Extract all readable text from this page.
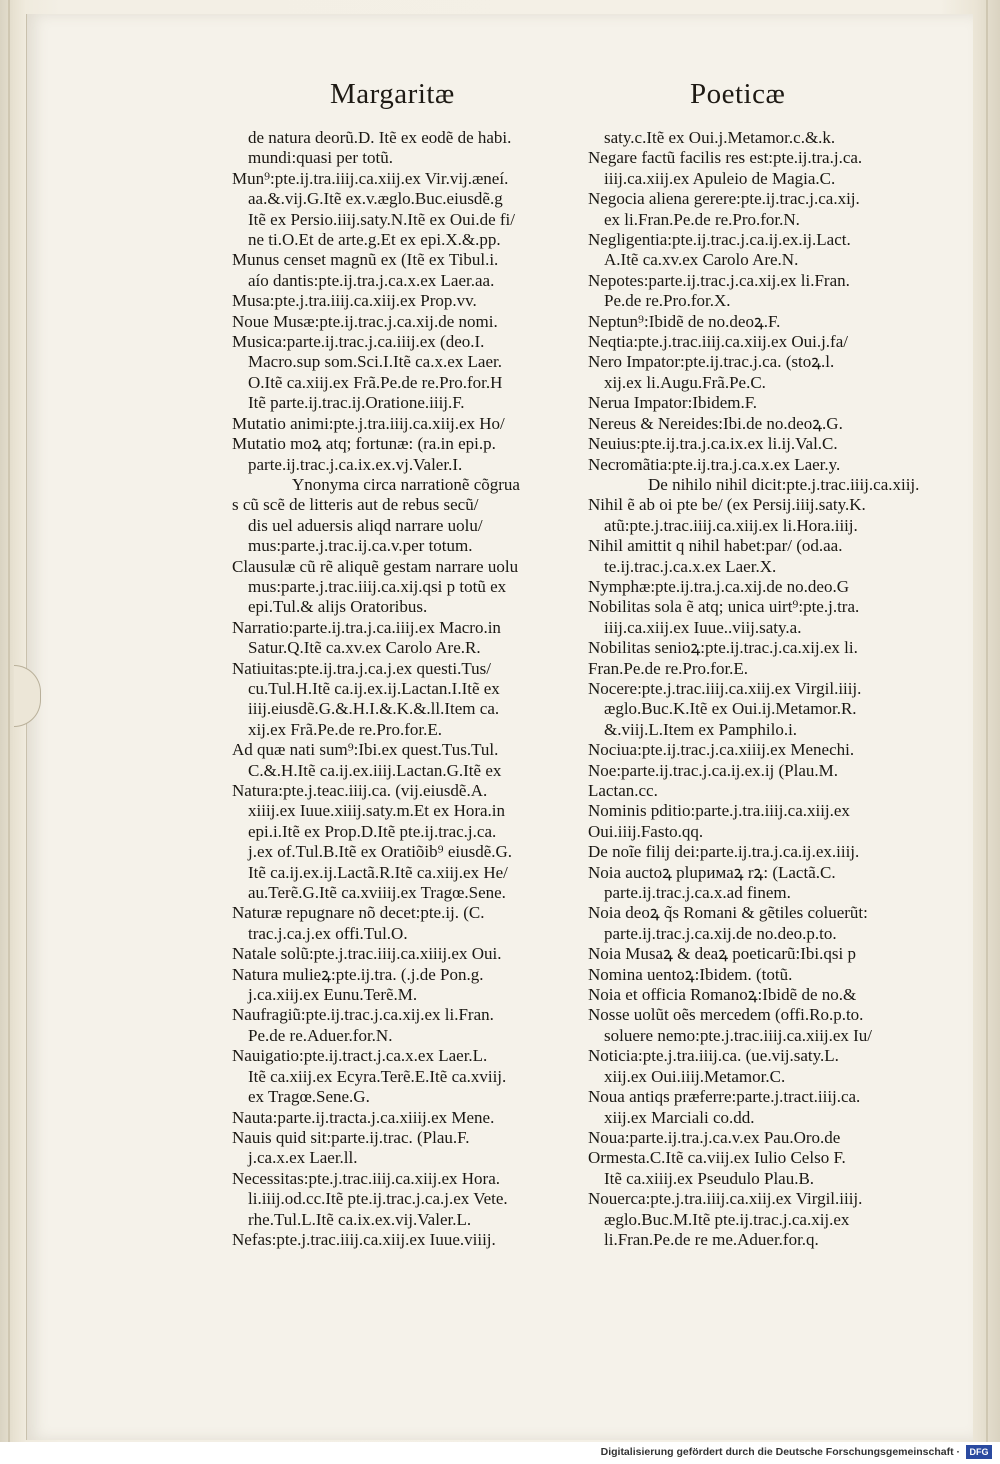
Margaritæ	Poeticæ
de natura deorũ.D. Itẽ ex eodẽ de habi.
mundi:quasi per totũ.
Mun⁹:pte.ĳ.tra.iiĳ.ca.xiĳ.ex Vir.vĳ.æneí.
aa.&.vĳ.G.Itẽ ex.v.æglo.Buc.eiusdẽ.g
Itẽ ex Persio.iiĳ.saty.N.Itẽ ex Oui.de fi/
ne ti.O.Et de arte.g.Et ex epi.X.&.pp.
Munus censet magnũ ex (Itẽ ex Tibul.i.
aío dantis:pte.ĳ.tra.j.ca.x.ex Laer.aa.
Musa:pte.j.tra.iiĳ.ca.xiĳ.ex Prop.vv.
Noue Musæ:pte.ĳ.trac.j.ca.xĳ.de nomi.
Musica:parte.ĳ.trac.j.ca.iiĳ.ex (deo.I.
Macro.sup som.Sci.I.Itẽ ca.x.ex Laer.
O.Itẽ ca.xiĳ.ex Frã.Pe.de re.Pro.for.H
Itẽ parte.ĳ.trac.ĳ.Oratione.iiĳ.F.
Mutatio animi:pte.j.tra.iiĳ.ca.xiĳ.ex Ho/
Mutatio moꝝ atq; fortunæ: (ra.in epi.p.
parte.ĳ.trac.j.ca.ix.ex.vj.Valer.I.
Ynonyma circa narrationẽ cõgrua
s cũ scẽ de litteris aut de rebus secũ/
dis uel aduersis aliqd narrare uolu/
mus:parte.j.trac.ĳ.ca.v.per totum.
Clausulæ cũ rẽ aliquẽ gestam narrare uolu
mus:parte.j.trac.iiĳ.ca.xĳ.qsi p totũ ex
epi.Tul.& alĳs Oratoribus.
Narratio:parte.ĳ.tra.j.ca.iiĳ.ex Macro.in
Satur.Q.Itẽ ca.xv.ex Carolo Are.R.
Natiuitas:pte.ĳ.tra.j.ca.j.ex questi.Tus/
cu.Tul.H.Itẽ ca.ĳ.ex.ĳ.Lactan.I.Itẽ ex
iiĳ.eiusdẽ.G.&.H.I.&.K.&.ll.Item ca.
xĳ.ex Frã.Pe.de re.Pro.for.E.
Ad quæ nati sum⁹:Ibi.ex quest.Tus.Tul.
C.&.H.Itẽ ca.ĳ.ex.iiĳ.Lactan.G.Itẽ ex
Natura:pte.j.teac.iiĳ.ca. (vĳ.eiusdẽ.A.
xiiĳ.ex Iuue.xiiĳ.saty.m.Et ex Hora.in
epi.i.Itẽ ex Prop.D.Itẽ pte.ĳ.trac.j.ca.
j.ex of.Tul.B.Itẽ ex Oratiõib⁹ eiusdẽ.G.
Itẽ ca.ĳ.ex.ĳ.Lactã.R.Itẽ ca.xiĳ.ex He/
au.Terẽ.G.Itẽ ca.xviiĳ.ex Tragœ.Sene.
Naturæ repugnare nõ decet:pte.ĳ. (C.
trac.j.ca.j.ex offi.Tul.O.
Natale solũ:pte.j.trac.iiĳ.ca.xiiĳ.ex Oui.
Natura mulieꝝ:pte.ĳ.tra. (.j.de Pon.g.
j.ca.xiĳ.ex Eunu.Terẽ.M.
Naufragiũ:pte.ĳ.trac.j.ca.xĳ.ex li.Fran.
Pe.de re.Aduer.for.N.
Nauigatio:pte.ĳ.tract.j.ca.x.ex Laer.L.
Itẽ ca.xiĳ.ex Ecyra.Terẽ.E.Itẽ ca.xviĳ.
ex Tragœ.Sene.G.
Nauta:parte.ĳ.tracta.j.ca.xiiĳ.ex Mene.
Nauis quid sit:parte.ĳ.trac. (Plau.F.
j.ca.x.ex Laer.ll.
Necessitas:pte.j.trac.iiĳ.ca.xiĳ.ex Hora.
li.iiĳ.od.cc.Itẽ pte.ĳ.trac.j.ca.j.ex Vete.
rhe.Tul.L.Itẽ ca.ix.ex.vĳ.Valer.L.
Nefas:pte.j.trac.iiĳ.ca.xiĳ.ex Iuue.viiĳ.
saty.c.Itẽ ex Oui.j.Metamor.c.&.k.
Negare factũ facilis res est:pte.ĳ.tra.j.ca.
iiĳ.ca.xiĳ.ex Apuleio de Magia.C.
Negocia aliena gerere:pte.ĳ.trac.j.ca.xĳ.
ex li.Fran.Pe.de re.Pro.for.N.
Negligentia:pte.ĳ.trac.j.ca.ĳ.ex.ĳ.Lact.
A.Itẽ ca.xv.ex Carolo Are.N.
Nepotes:parte.ĳ.trac.j.ca.xĳ.ex li.Fran.
Pe.de re.Pro.for.X.
Neptun⁹:Ibidẽ de no.deoꝝ.F.
Neqtia:pte.j.trac.iiĳ.ca.xiĳ.ex Oui.j.fa/
Nero Impator:pte.ĳ.trac.j.ca. (stoꝝ.l.
xĳ.ex li.Augu.Frã.Pe.C.
Nerua Impator:Ibidem.F.
Nereus & Nereides:Ibi.de no.deoꝝ.G.
Neuius:pte.ĳ.tra.j.ca.ix.ex li.ĳ.Val.C.
Necromãtia:pte.ĳ.tra.j.ca.x.ex Laer.y.
De nihilo nihil dicit:pte.j.trac.iiĳ.ca.xiĳ.
Nihil ẽ ab oi pte be/ (ex Persĳ.iiĳ.saty.K.
atũ:pte.j.trac.iiĳ.ca.xiĳ.ex li.Hora.iiĳ.
Nihil amittit q nihil habet:par/ (od.aa.
te.ĳ.trac.j.ca.x.ex Laer.X.
Nymphæ:pte.ĳ.tra.j.ca.xĳ.de no.deo.G
Nobilitas sola ẽ atq; unica uirt⁹:pte.j.tra.
iiĳ.ca.xiĳ.ex Iuue..viĳ.saty.a.
Nobilitas senioꝝ:pte.ĳ.trac.j.ca.xĳ.ex li.
Fran.Pe.de re.Pro.for.E.
Nocere:pte.j.trac.iiĳ.ca.xiĳ.ex Virgil.iiĳ.
æglo.Buc.K.Itẽ ex Oui.ĳ.Metamor.R.
&.viĳ.L.Item ex Pamphilo.i.
Nociua:pte.ĳ.trac.j.ca.xiiĳ.ex Menechi.
Noe:parte.ĳ.trac.j.ca.ĳ.ex.ĳ (Plau.M.
Lactan.cc.
Nominis pditio:parte.j.tra.iiĳ.ca.xiĳ.ex
Oui.iiĳ.Fasto.qq.
De noĩe filĳ dei:parte.ĳ.tra.j.ca.ĳ.ex.iiĳ.
Noia auctoꝝ pluримaꝝ rꝝ: (Lactã.C.
parte.ĳ.trac.j.ca.x.ad finem.
Noia deoꝝ q̃s Romani & gẽtiles coluerũt:
parte.ĳ.trac.j.ca.xĳ.de no.deo.p.to.
Noia Musaꝝ & deaꝝ poeticarũ:Ibi.qsi p
Nomina uentoꝝ:Ibidem. (totũ.
Noia et officia Romanoꝝ:Ibidẽ de no.&
Nosse uolũt oẽs mercedem (offi.Ro.p.to.
soluere nemo:pte.j.trac.iiĳ.ca.xiĳ.ex Iu/
Noticia:pte.j.tra.iiĳ.ca. (ue.vĳ.saty.L.
xiĳ.ex Oui.iiĳ.Metamor.C.
Noua antiqs præferre:parte.j.tract.iiĳ.ca.
xiĳ.ex Marciali co.dd.
Noua:parte.ĳ.tra.j.ca.v.ex Pau.Oro.de
Ormesta.C.Itẽ ca.viĳ.ex Iulio Celso F.
Itẽ ca.xiiĳ.ex Pseudulo Plau.B.
Nouerca:pte.j.tra.iiĳ.ca.xiĳ.ex Virgil.iiĳ.
æglo.Buc.M.Itẽ pte.ĳ.trac.j.ca.xĳ.ex
li.Fran.Pe.de re me.Aduer.for.q.
Digitalisierung gefördert durch die Deutsche Forschungsgemeinschaft ·	DFG
